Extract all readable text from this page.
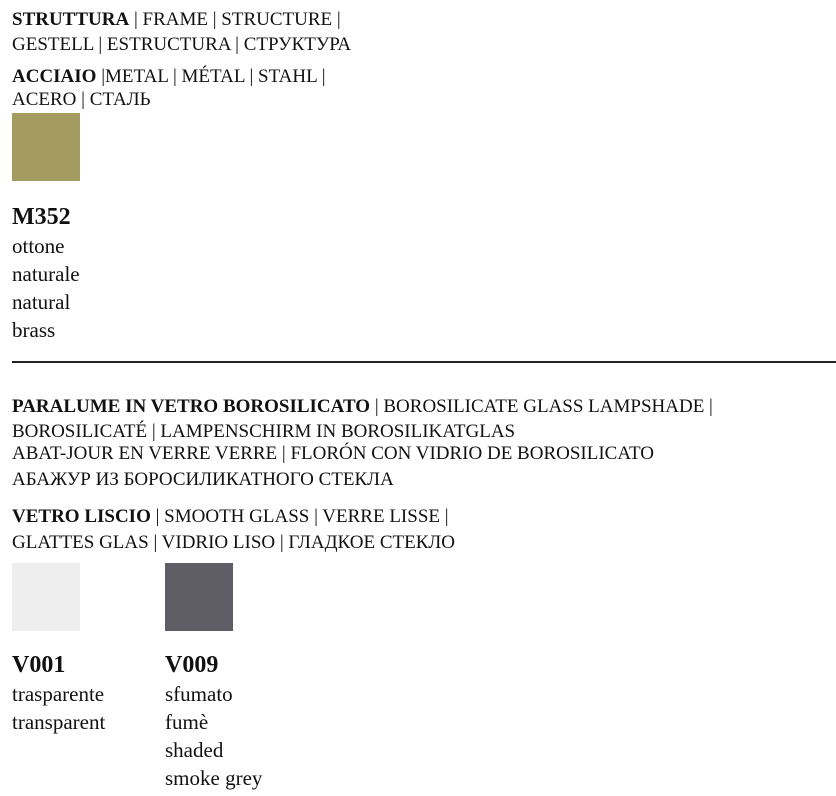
STRUTTURA | FRAME | STRUCTURE |
GESTELL | ESTRUCTURA | СТРУКТУРА
ACCIAIO |METAL | MÉTAL | STAHL |
ACERO | СТАЛЬ
M352
ottone
naturale
natural
brass
PARALUME IN VETRO BOROSILICATO | BOROSILICATE GLASS LAMPSHADE |
BOROSILICATÉ | LAMPENSCHIRM IN BOROSILIKATGLAS
ABAT-JOUR EN VERRE VERRE | FLORÓN CON VIDRIO DE BOROSILICATO
АБАЖУР ИЗ БОРОСИЛИКАТНОГО СТЕКЛА
VETRO LISCIO | SMOOTH GLASS | VERRE LISSE |
GLATTES GLAS | VIDRIO LISO | ГЛАДКОЕ СТЕКЛО
V001
trasparente
transparent
V009
sfumato
fumè
shaded
smoke grey
